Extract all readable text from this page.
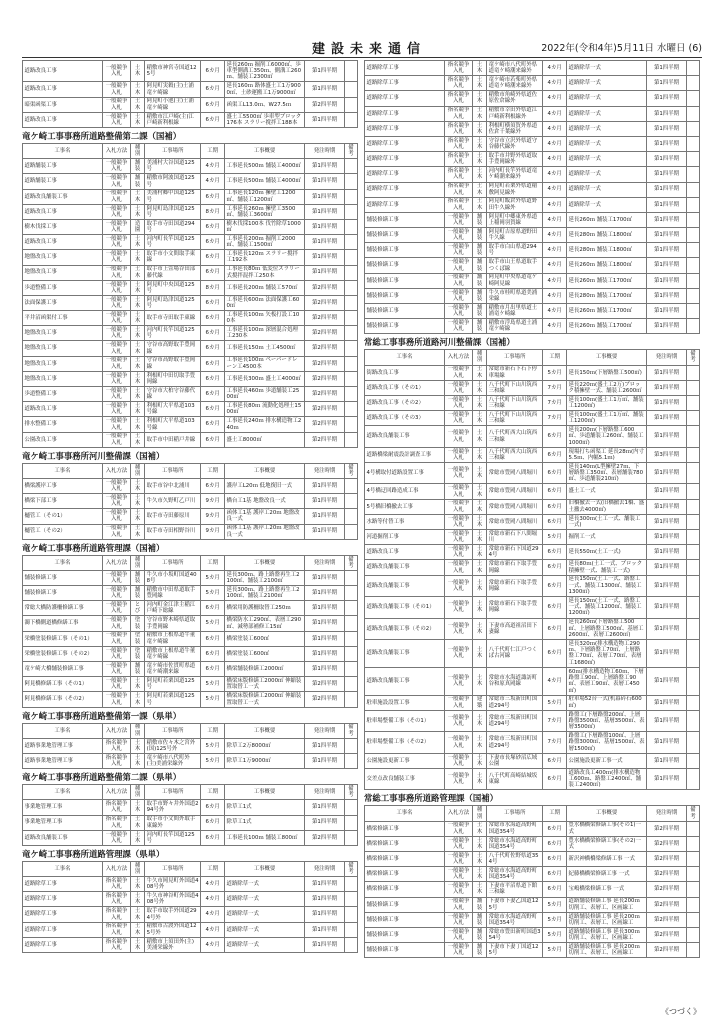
建設未来通信	2022年(令和4年)5月11日 水曜日 (6)
道路改良工事	一般競争入札	土木	稲敷市神宮寺国道125号	6カ月	延長260ｍ 掘削工6000㎥、歩車型側溝工350ｍ、側溝工260ｍ、舗装工2300㎡	第1四半期	
道路改良工事	一般競争入札	土木	阿見町実穀(主)土浦竜ケ崎線	6カ月	延長160ｍ 路体盛土工1万9000㎥、土砂運搬工1万9000㎥	第1四半期	
暗渠函渠工事	一般競争入札	土木	阿見町小池(主)土浦竜ケ崎線	6カ月	函渠工L13.0ｍ、W27.5ｍ	第2四半期	
道路改良工事	一般競争入札	土木	稲敷市江戸崎(主)江戸崎新利根線	6カ月	盛土工5500㎥ 歩車型ブロック176本 スラリー撹拌工188本	第1四半期	
竜ケ崎工事事務所道路整備第二課（国補）
工事名	入札方法	種別	工事場所	工期	工事概要	発注時期	備考
道路舗装工事	一般競争入札	舗装	美浦村大谷国道125号	4カ月	工事延長500ｍ 舗装工4000㎡	第1四半期	
道路舗装工事	一般競争入札	舗装	稲敷市阿波国道125号	4カ月	工事延長500ｍ 舗装工4000㎡	第1四半期	
道路改良舗装工事	一般競争入札	土木	美浦村郷中国道125号	6カ月	工事延長120ｍ 擁壁工1200㎡、舗装工1200㎡	第1四半期	
道路改良工事	一般競争入札	土木	阿見町島津国道125号	8カ月	工事延長260ｍ 擁壁工3500㎡、舗装工3600㎡	第1四半期	
樹木伐採工事	一般競争入札	造園	取手市寺田国道294号	6カ月	樹木伐採100本 伐竹除草1000㎡	第1四半期	
道路改良工事	一般競争入札	土木	河内町長竿国道125号	6カ月	工事延長200ｍ 掘削工2000㎥、舗装工1500㎡	第1四半期	
地盤改良工事	一般競争入札	土木	取手市小文間取手東線	6カ月	工事延長120ｍ スラリー撹拌工192本	第1四半期	
地盤改良工事	一般競争入札	土木	取手市上萱場谷田部藤代線	6カ月	工事延長80ｍ 低変位スラリー式撹拌混拌工250本	第1四半期	
歩道整備工事	一般競争入札	土木	阿見町中央国道125号	8カ月	工事延長200ｍ 舗装工570㎡	第2四半期	
法面保護工事	一般競争入札	土木	阿見町島津国道125号	6カ月	工事延長600ｍ 法面保護工600㎡	第2四半期	
平井沼函渠付工事	一般競争入札	土木	取手市寺田取手東線	6カ月	工事延長100ｍ 矢板打設工100本	第2四半期	
地盤改良工事	一般競争入札	土木	河内町長竿国道125号	6カ月	工事延長100ｍ 深層混合処理工230本	第2四半期	
地盤改良工事	一般競争入札	土木	守谷市高野取手豊岡線	6カ月	工事延長150ｍ 土工4500㎥	第2四半期	
地盤改良工事	一般競争入札	土木	守谷市高野取手豊岡線	6カ月	工事延長100ｍ ペーパードレーン工4500本	第2四半期	
地盤改良工事	一般競争入札	土木	利根町中田切取手豊岡線	6カ月	工事延長300ｍ 盛土工4000㎥	第2四半期	
歩道整備工事	一般競争入札	土木	守谷市大柏守谷藤代線	6カ月	工事延長460ｍ 歩道舗装工2500㎡	第2四半期	
道路改良工事	一般競争入札	土木	利根町大平県道103号線	6カ月	工事延長80ｍ 流動化処理土1500㎥	第2四半期	
排水整備工事	一般競争入札	土木	利根町大平県道103号線	6カ月	工事延長240ｍ 排水構造物工240ｍ	第2四半期	
公園改良工事	一般競争入札	土木	取手市中田稲戸井線	6カ月	盛土工8000㎥	第2四半期	
竜ケ崎工事事務所河川整備課（国補）
工事名	入札方法	種別	工事場所	工期	工事概要	発注時期	備考
橋梁護岸工事	一般競争入札	土木	取手市谷中北浦川	6カ月	護岸工L20ｍ 低地復旧一式	第1四半期	
橋梁下部工事	一般競争入札	土木	牛久市久野町乙戸川	9カ月	橋台工1基 地盤改良一式	第1四半期	
樋管工（その1）	一般競争入札	土木	取手市寺田藤原川	9カ月	函体工1基 護岸工20ｍ 地盤改良一式	第1四半期	
樋管工（その2）	一般競争入札	土木	取手市寺田相野谷川	9カ月	函体工1基 護岸工20ｍ 地盤改良一式	第1四半期	
竜ケ崎工事事務所道路管理課（国補）
工事名	入札方法	種別	工事場所	工期	工事概要	発注時期	備考
舗装修繕工事	一般競争入札	舗装	牛久市小坂町国道408号	5カ月	延長300ｍ、路上路盤再生工2100㎡、舗装工2100㎡	第1四半期	
舗装修繕工事	一般競争入札	舗装	稲敷市中田県道取手豊岡線	5カ月	延長300ｍ、路上路盤再生工2100㎡、舗装工2100㎡	第1四半期	
常総大橋防護柵修繕工事	一般競争入札	とび	河内町金江津主稲江戸崎下総線	6カ月	橋梁用防護柵取替工250ｍ	第1四半期	
濁下橋側道橋修繕工事	一般競争入札	塗装	守谷市野木崎県道取手豊岡線	5カ月	橋梁防水工290㎡、表層工290㎡、減勢部補修工15㎡	第1四半期	
栄橋塗装修繕工事（その1）	一般競争入札	塗装	稲敷市上根県道牛董竜ケ崎線	6カ月	橋梁塗装工600㎡	第1四半期	
栄橋塗装修繕工事（その2）	一般競争入札	塗装	稲敷市上根県道牛董竜ケ崎線	6カ月	橋梁塗装工600㎡	第1四半期	
竜ケ崎大橋舗装修繕工事	一般競争入札	舗装	竜ケ崎市佐貫町県道竜ケ崎潮来線	6カ月	橋梁舗装修繕工2000㎡	第1四半期	
阿見橋修繕工事（その1）	一般競争入札	土木	阿見町若栗国道125号	5カ月	橋梁床版修繕工2000㎡ 伸縮装置取替工一式	第2四半期	
阿見橋修繕工事（その2）	一般競争入札	土木	阿見町若栗国道125号	5カ月	橋梁床版修繕工2000㎡ 伸縮装置取替工一式	第2四半期	
竜ケ崎工事事務所道路整備第一課（県単）
工事名	入札方法	種別	工事場所	工期	工事概要	発注時期	備考
道路事業地管理工事	指名競争入札	土木	稲敷市佐々木之宮外(国)125号外	5カ月	除草工2万8000㎡	第1四半期	
道路事業地管理工事	指名競争入札	土木	竜ケ崎市八代町外(主)美浦栄線外	5カ月	除草工1万9000㎡	第1四半期	
竜ケ崎工事事務所道路整備第二課（県単）
工事名	入札方法	種別	工事場所	工期	工事概要	発注時期	備考
事業地管理工事	指名競争入札	土木	取手市野々井外国道294号外	6カ月	除草工1式	第1四半期	
事業地管理工事	指名競争入札	土木	取手市小文間外取手東線外	6カ月	除草工1式	第1四半期	
道路改良舗装工事	一般競争入札	土木	河内町長竿国道125号	6カ月	工事延長100ｍ 舗装工800㎡	第2四半期	
竜ケ崎工事事務所道路管理課（県単）
工事名	入札方法	種別	工事場所	工期	工事概要	発注時期	備考
道路除草工事	指名競争入札	土木	牛久市岡見町外国道408号外	4カ月	道路除草一式	第1四半期	
道路除草工事	指名競争入札	土木	牛久市神谷町外国道408号外	4カ月	道路除草一式	第1四半期	
道路除草工事	指名競争入札	土木	取手市取手外国道294号外	4カ月	道路除草一式	第1四半期	
道路除草工事	指名競争入札	土木	稲敷市古渡外国道125号外	4カ月	道路除草一式	第1四半期	
道路除草工事	指名競争入札	土木	稲敷市上須田外(主)美浦栄線外	4カ月	道路除草一式	第1四半期	
道路除草工事	指名競争入札	土木	竜ケ崎市八代町外県道竜ケ崎潮来線外	4カ月	道路除草一式	第1四半期	
道路除草工事	指名競争入札	土木	竜ケ崎市若柴町外県道竜ケ崎潮来線外	4カ月	道路除草一式	第1四半期	
道路除草工事	指名競争入札	土木	稲敷市角崎外県道佐原佐倉線外	4カ月	道路除草一式	第1四半期	
道路除草工事	指名競争入札	土木	稲敷市幸田外県道江戸崎新利根線外	4カ月	道路除草一式	第1四半期	
道路除草工事	指名競争入札	土木	利根町横須賀外県道佐倉千葉線外	4カ月	道路除草一式	第1四半期	
道路除草工事	指名競争入札	土木	守谷市立沢外県道守谷藤代線外	4カ月	道路除草一式	第1四半期	
道路除草工事	指名競争入札	土木	取手市井野外県道取手豊岡線外	4カ月	道路除草一式	第1四半期	
道路除草工事	指名競争入札	土木	河内町長竿外県道竜ケ崎潮来線外	4カ月	道路除草一式	第1四半期	
道路除草工事	指名競争入札	土木	阿見町若栗外県道稲敷阿見線外	4カ月	道路除草一式	第1四半期	
道路除草工事	指名競争入札	土木	阿見町飯倉外県道野田牛久線外	4カ月	道路除草一式	第1四半期	
舗装修繕工事	一般競争入札	舗装	阿見町中郷東外県道上稲岡羽賀線	4カ月	延長260ｍ 舗装工1700㎡	第1四半期	
舗装修繕工事	一般競争入札	舗装	阿見町吉原県道野田牛久線	4カ月	延長280ｍ 舗装工1800㎡	第1四半期	
舗装修繕工事	一般競争入札	舗装	取手市白山県道294号	4カ月	延長280ｍ 舗装工1800㎡	第1四半期	
舗装修繕工事	一般競争入札	舗装	取手市山王県道取手つくば線	4カ月	延長260ｍ 舗装工1800㎡	第1四半期	
舗装修繕工事	一般競争入札	舗装	阿見町中央県道竜ケ崎阿見線	4カ月	延長260ｍ 舗装工1700㎡	第1四半期	
舗装修繕工事	一般競争入札	舗装	牛久市桂町県道美浦栄線	4カ月	延長280ｍ 舗装工1700㎡	第1四半期	
舗装修繕工事	一般競争入札	舗装	稲敷市月出里県道土浦竜ケ崎線	4カ月	延長260ｍ 舗装工1700㎡	第1四半期	
舗装修繕工事	一般競争入札	舗装	稲敷市浮島県道土浦竜ケ崎線	4カ月	延長260ｍ 舗装工1700㎡	第1四半期	
常総工事事務所道路河川整備課（国補）
工事名	入札方法	種別	工事場所	工期	工事概要	発注時期	備考
街路改良工事	一般競争入札	土木	常総市新石下石下停車場線	5カ月	延長150ｍ(下層路盤工500㎡)	第1四半期	
道路改良工事（その1）	一般競争入札	土木	八千代町下山川筑西三和線	7カ月	延長220ｍ(盛土工2万)ブロック積擁壁一式、舗装工2600㎡	第1四半期	
道路改良工事（その2）	一般競争入札	土木	八千代町下山川筑西三和線	7カ月	延長100ｍ(盛土工1万㎥、舗装工1200㎡)	第1四半期	
道路改良工事（その3）	一般競争入札	土木	八千代町下山川筑西三和線	7カ月	延長100ｍ(盛土工1万㎥、舗装工1200㎡)	第1四半期	
道路改良舗装工事	一般競争入札	土木	八千代町西大山筑西三和線	6カ月	延長200ｍ(下層路盤工600㎡、歩道舗装工260㎡、舗装工1000㎡)	第1四半期	
道路橋梁耐震設計調査工事	一般競争入札	土木	八千代町西大山筑西三和線	6カ月	現場打ち函渠工 延長28ｍ(内寸5.5ｍ、内幅5.1ｍ)	第3四半期	
4号構取付道路設置工事	一般競争入札	土木	常総市豊岡八間堀川	6カ月	延長140ｍ(L型擁壁27ｍ、下層路盤工350㎡、表層舗装780㎡、歩道舗装210㎡)	第1四半期	
4号橋迂回路造成工事	一般競争入札	土木	常総市豊岡八間堀川	6カ月	盛土工一式	第1四半期	
5号橋旧橋撤去工事	一般競争入札	土木	常総市豊岡八間堀川	6カ月	旧橋撤去一式(旧橋撤去1橋、盛土撤去4000㎥)	第1四半期	
水路等付替工事	一般競争入札	土木	常総市豊岡八間堀川	6カ月	延長300ｍ(土工一式、舗装工一式)	第1四半期	
河道掘削工事	一般競争入札	土木	常総市新石下八間堀川	5カ月	掘削工一式	第1四半期	
道路改良工事	一般競争入札	土木	常総市新石下国道294号	6カ月	延長550ｍ(土工一式)	第1四半期	
道路改良舗装工事	一般競争入札	土木	常総市新石下取手豊岡線	6カ月	延長80ｍ(土工一式、ブロック積擁壁一式、舗装工一式)	第1四半期	
道路改良舗装工事	一般競争入札	土木	常総市新石下取手豊岡線	6カ月	延長150ｍ(土工一式、路盤工一式、舗装工1300㎡、舗装工1300㎡)	第1四半期	
道路改良舗装工事（その1）	一般競争入札	土木	常総市新石下取手豊岡線	6カ月	延長150ｍ(土工一式、路盤工一式、舗装工1200㎡、舗装工1200㎡)	第1四半期	
道路改良舗装工事（その2）	一般競争入札	土木	下妻市高道祖沼田下妻線	6カ月	延長260ｍ(下層路盤工500㎡、上層路盤工500㎡、基層工2600㎡、表層工2600㎡)	第1四半期	
道路改良舗装工事	一般競争入札	土木	八千代町仁江戸つくば古河線	6カ月	延長320ｍ(排水構造物工290ｍ、下層路盤工70㎡、上層路盤工70㎡、表層工70㎡、表層工1680㎡)	第1四半期	
道路改良舗装工事	一般競争入札	土木	常総市水海道諏訪町谷和原真岡線	4カ月	60ｍ(排水構造物工60ｍ、下層路盤工90㎡、上層路盤工90㎡、表層工90㎡、表層工450㎡)	第1四半期	
駐車施設設置工事	一般競争入札	建築	常総市三坂新田町国道294号	5カ月	駐車場52台一式(机幕砕石600㎡)	第1四半期	
駐車場整備工事（その1）	一般競争入札	土木	常総市三坂新田町国道294号	7カ月	路盤工(下層路盤200㎡、上層路盤3500㎡、基層3500㎡、表層3500㎡)	第1四半期	
駐車場整備工事（その2）	一般競争入札	土木	常総市三坂新田町国道294号	7カ月	路盤工(下層路盤100㎡、上層路盤3000㎡、基層1500㎡、表層1500㎡)	第1四半期	
公園施設更新工事	一般競争入札	土木	下妻市長塚砂沼広域公園	6カ月	公園施設更新工事一式	第1四半期	
交差点改良舗装工事	一般競争入札	土木	八千代町高崎結城坂東線	6カ月	道路改良工400ｍ(排水構造物工600ｍ、路盤工2400㎡、舗装工2400㎡)	第1四半期	
常総工事事務所道路管理課（国補）
工事名	入札方法	種別	工事場所	工期	工事概要	発注時期	備考
橋梁修繕工事	一般競争入札	土木	常総市水海道高野町国道354号	6カ月	豊水橋橋梁修繕工事(その1)一式	第2四半期	
橋梁修繕工事	一般競争入札	土木	常総市水海道高野町国道354号	6カ月	豊水橋橋梁修繕工事(その2)一式	第2四半期	
橋梁修繕工事	一般競争入札	土木	八千代町佐野県道354号	6カ月	新沢神橋橋梁修繕工事 一式	第2四半期	
橋梁修繕工事	一般競争入札	土木	常総市水海道高野町国道354号	6カ月	紀藤橋橋梁修繕工事 一式	第2四半期	
橋梁修繕工事	一般競争入札	土木	下妻市平沼県道下館三和線	6カ月	宝嶋橋梁修繕工事 一式	第2四半期	
舗装修繕工事	一般競争入札	舗装	下妻市下妻乙国道125号	5カ月	道路舗装修繕工事 延長200ｍ 切削工、表層工、区画線工	第2四半期	
舗装修繕工事	一般競争入札	舗装	常総市水海道高野町国道354号	5カ月	道路舗装修繕工事 延長200ｍ 切削工、表層工、区画線工	第2四半期	
舗装修繕工事	一般競争入札	舗装	常総市豊田新町国道354号	5カ月	道路舗装修繕工事 延長300ｍ 切削工、表層工、区画線工	第2四半期	
舗装修繕工事	一般競争入札	舗装	下妻市下妻丁国道125号	5カ月	道路舗装修繕工事 延長200ｍ 切削工、表層工、区画線工	第2四半期	
《つづく》
